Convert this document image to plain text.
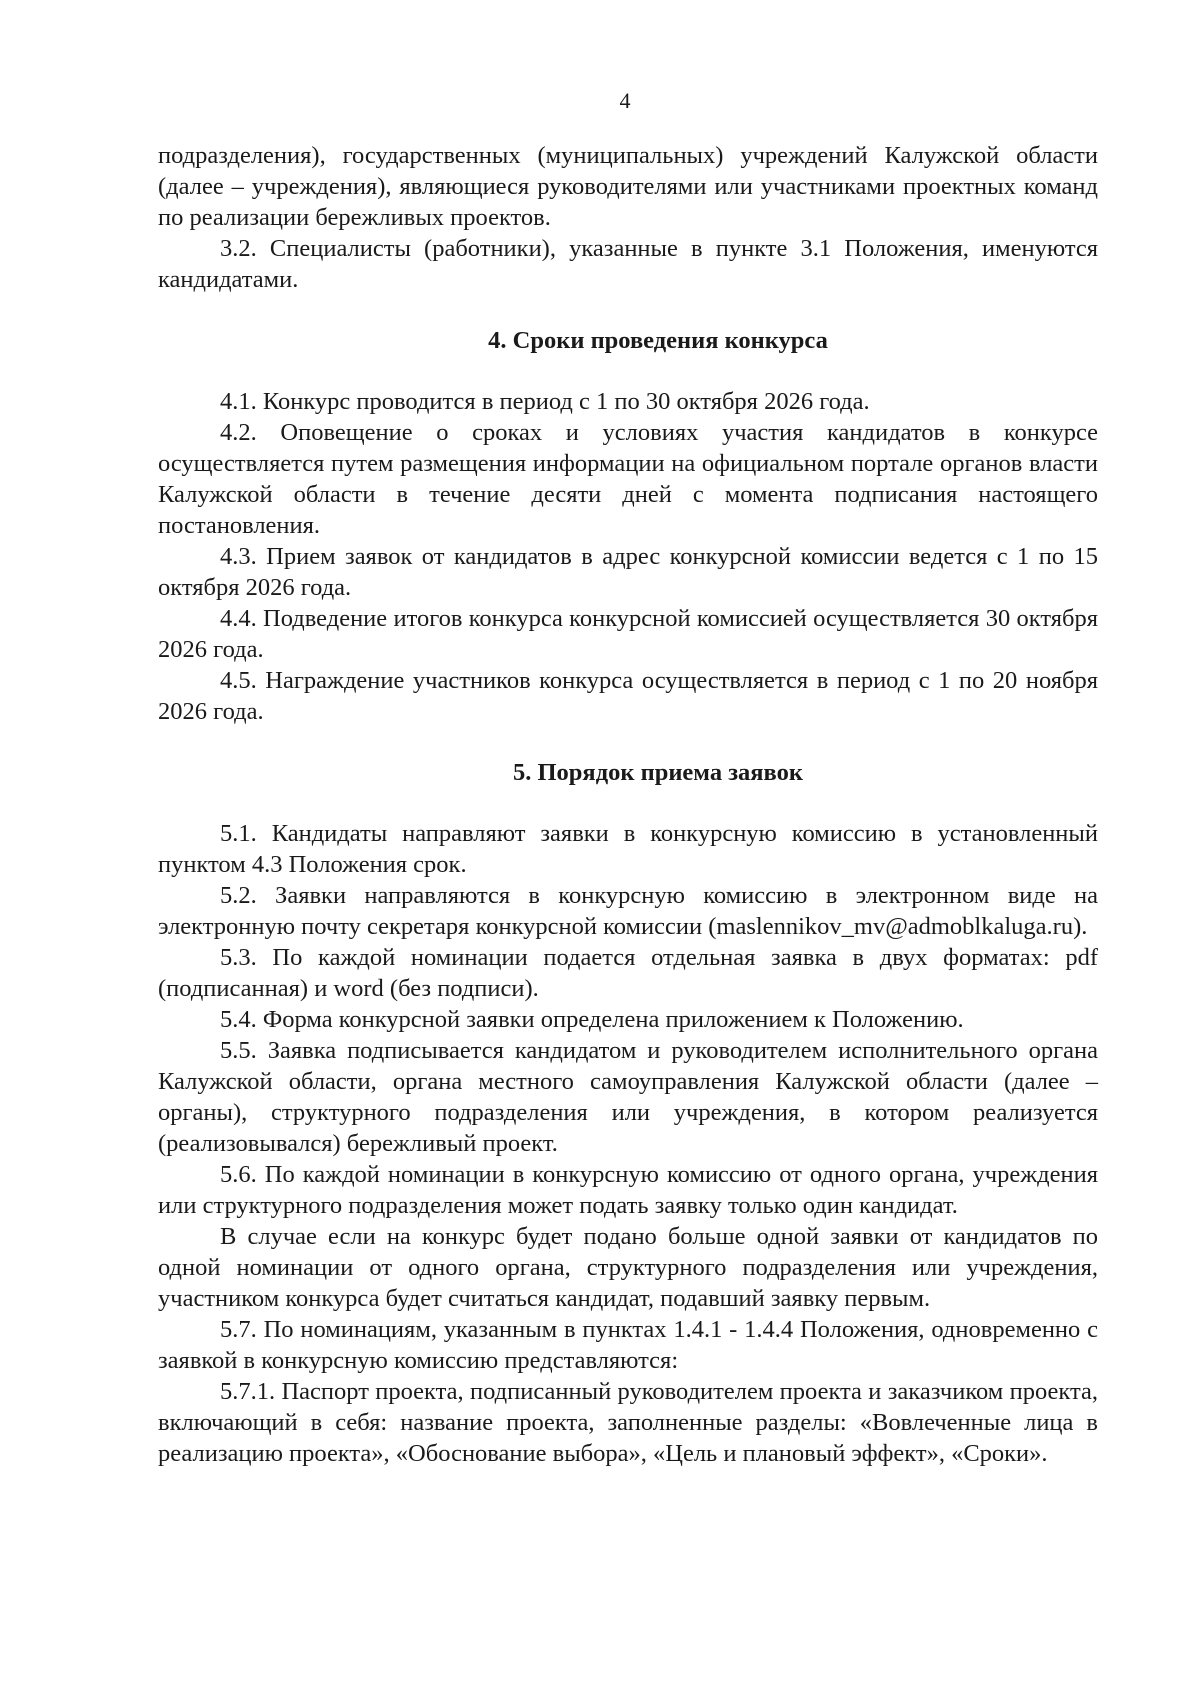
4

подразделения), государственных (муниципальных) учреждений Калужской области (далее – учреждения), являющиеся руководителями или участниками проектных команд по реализации бережливых проектов.

3.2. Специалисты (работники), указанные в пункте 3.1 Положения, именуются кандидатами.

4. Сроки проведения конкурса

4.1. Конкурс проводится в период с 1 по 30 октября 2026 года.

4.2. Оповещение о сроках и условиях участия кандидатов в конкурсе осуществляется путем размещения информации на официальном портале органов власти Калужской области в течение десяти дней с момента подписания настоящего постановления.

4.3. Прием заявок от кандидатов в адрес конкурсной комиссии ведется с 1 по 15 октября 2026 года.

4.4. Подведение итогов конкурса конкурсной комиссией осуществляется 30 октября 2026 года.

4.5. Награждение участников конкурса осуществляется в период с 1 по 20 ноября 2026 года.

5. Порядок приема заявок

5.1. Кандидаты направляют заявки в конкурсную комиссию в установленный пунктом 4.3 Положения срок.

5.2. Заявки направляются в конкурсную комиссию в электронном виде на электронную почту секретаря конкурсной комиссии (maslennikov_mv@admoblkaluga.ru).

5.3. По каждой номинации подается отдельная заявка в двух форматах: pdf (подписанная) и word (без подписи).

5.4. Форма конкурсной заявки определена приложением к Положению.

5.5. Заявка подписывается кандидатом и руководителем исполнительного органа Калужской области, органа местного самоуправления Калужской области (далее – органы), структурного подразделения или учреждения, в котором реализуется (реализовывался) бережливый проект.

5.6. По каждой номинации в конкурсную комиссию от одного органа, учреждения или структурного подразделения может подать заявку только один кандидат.

В случае если на конкурс будет подано больше одной заявки от кандидатов по одной номинации от одного органа, структурного подразделения или учреждения, участником конкурса будет считаться кандидат, подавший заявку первым.

5.7. По номинациям, указанным в пунктах 1.4.1 - 1.4.4 Положения, одновременно с заявкой в конкурсную комиссию представляются:

5.7.1. Паспорт проекта, подписанный руководителем проекта и заказчиком проекта, включающий в себя: название проекта, заполненные разделы: «Вовлеченные лица в реализацию проекта», «Обоснование выбора», «Цель и плановый эффект», «Сроки».
